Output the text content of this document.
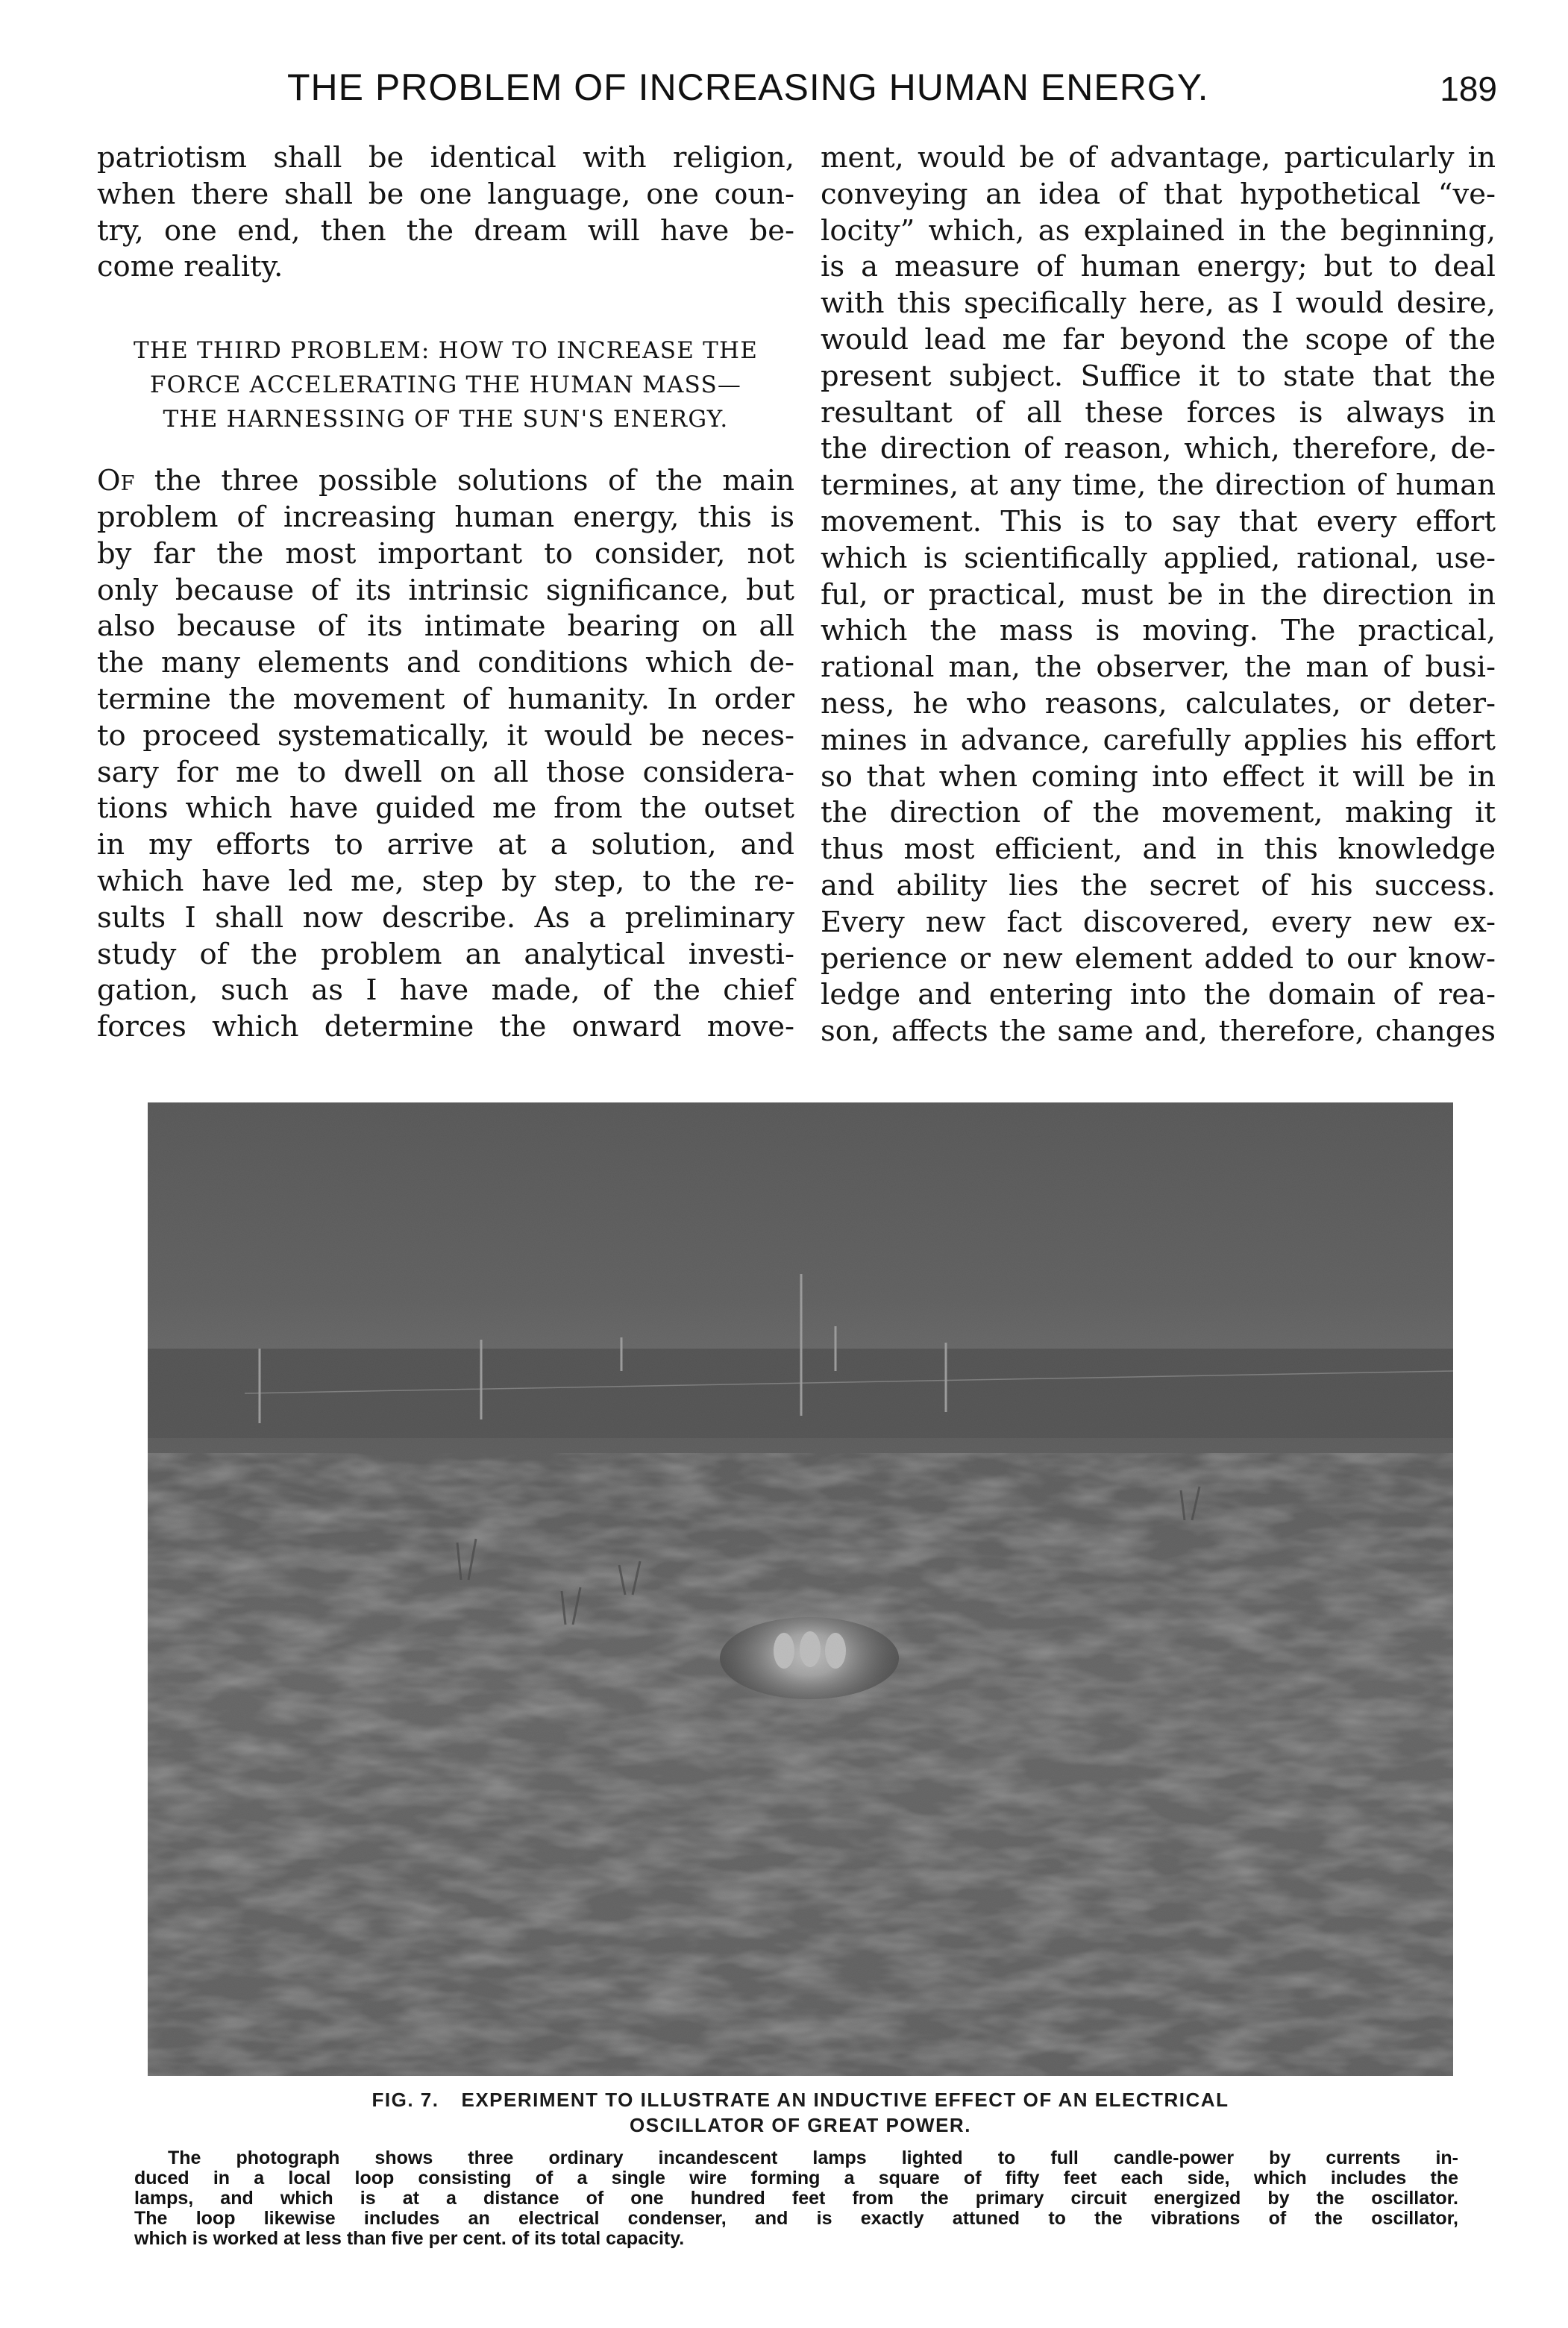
THE PROBLEM OF INCREASING HUMAN ENERGY.	189

patriotism shall be identical with religion,
when there shall be one language, one coun-
try, one end, then the dream will have be-
come reality.

THE THIRD PROBLEM: HOW TO INCREASE THE
FORCE ACCELERATING THE HUMAN MASS—
THE HARNESSING OF THE SUN'S ENERGY.

Of the three possible solutions of the main
problem of increasing human energy, this is
by far the most important to consider, not
only because of its intrinsic significance, but
also because of its intimate bearing on all
the many elements and conditions which de-
termine the movement of humanity. In order
to proceed systematically, it would be neces-
sary for me to dwell on all those considera-
tions which have guided me from the outset
in my efforts to arrive at a solution, and
which have led me, step by step, to the re-
sults I shall now describe. As a preliminary
study of the problem an analytical investi-
gation, such as I have made, of the chief
forces which determine the onward move-

ment, would be of advantage, particularly in
conveying an idea of that hypothetical “ve-
locity” which, as explained in the beginning,
is a measure of human energy; but to deal
with this specifically here, as I would desire,
would lead me far beyond the scope of the
present subject. Suffice it to state that the
resultant of all these forces is always in
the direction of reason, which, therefore, de-
termines, at any time, the direction of human
movement. This is to say that every effort
which is scientifically applied, rational, use-
ful, or practical, must be in the direction in
which the mass is moving. The practical,
rational man, the observer, the man of busi-
ness, he who reasons, calculates, or deter-
mines in advance, carefully applies his effort
so that when coming into effect it will be in
the direction of the movement, making it
thus most efficient, and in this knowledge
and ability lies the secret of his success.
Every new fact discovered, every new ex-
perience or new element added to our know-
ledge and entering into the domain of rea-
son, affects the same and, therefore, changes

FIG. 7. EXPERIMENT TO ILLUSTRATE AN INDUCTIVE EFFECT OF AN ELECTRICAL
OSCILLATOR OF GREAT POWER.
The photograph shows three ordinary incandescent lamps lighted to full candle-power by currents in-
duced in a local loop consisting of a single wire forming a square of fifty feet each side, which includes the
lamps, and which is at a distance of one hundred feet from the primary circuit energized by the oscillator.
The loop likewise includes an electrical condenser, and is exactly attuned to the vibrations of the oscillator,
which is worked at less than five per cent. of its total capacity.
